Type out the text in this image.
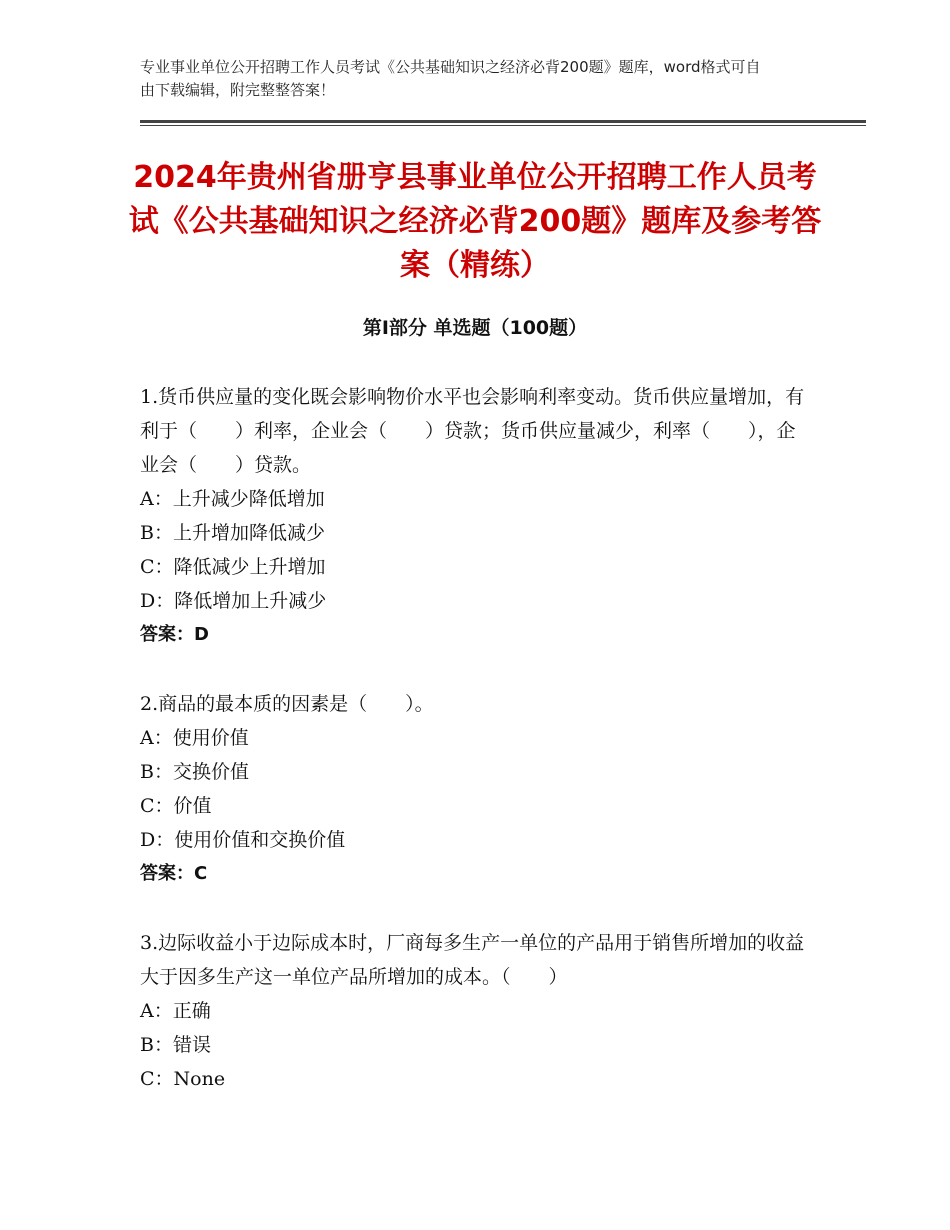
专业事业单位公开招聘工作人员考试《公共基础知识之经济必背200题》题库，word格式可自由下载编辑，附完整整答案！
2024年贵州省册亨县事业单位公开招聘工作人员考试《公共基础知识之经济必背200题》题库及参考答案（精练）
第Ⅰ部分 单选题（100题）

1.货币供应量的变化既会影响物价水平也会影响利率变动。货币供应量增加，有利于（　　）利率，企业会（　　）贷款；货币供应量减少，利率（　　），企业会（　　）贷款。

A：上升减少降低增加

B：上升增加降低减少

C：降低减少上升增加

D：降低增加上升减少

答案：D

2.商品的最本质的因素是（　　）。

A：使用价值

B：交换价值

C：价值

D：使用价值和交换价值

答案：C

3.边际收益小于边际成本时，厂商每多生产一单位的产品用于销售所增加的收益大于因多生产这一单位产品所增加的成本。（　　）

A：正确

B：错误

C：None
